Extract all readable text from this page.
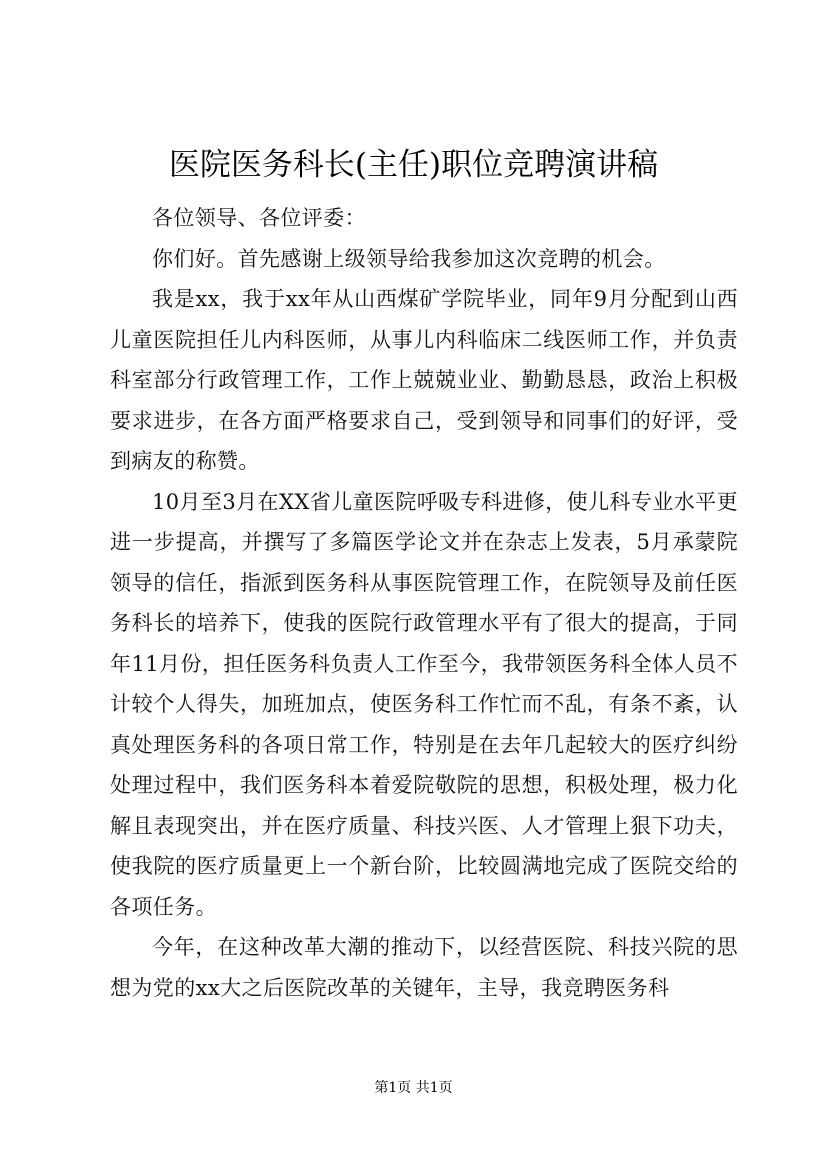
医院医务科长(主任)职位竞聘演讲稿

各位领导、各位评委：

你们好。首先感谢上级领导给我参加这次竞聘的机会。

我是xx，我于xx年从山西煤矿学院毕业，同年9月分配到山西儿童医院担任儿内科医师，从事儿内科临床二线医师工作，并负责科室部分行政管理工作，工作上兢兢业业、勤勤恳恳，政治上积极要求进步，在各方面严格要求自己，受到领导和同事们的好评，受到病友的称赞。

10月至3月在XX省儿童医院呼吸专科进修，使儿科专业水平更进一步提高，并撰写了多篇医学论文并在杂志上发表，5月承蒙院领导的信任，指派到医务科从事医院管理工作，在院领导及前任医务科长的培养下，使我的医院行政管理水平有了很大的提高，于同年11月份，担任医务科负责人工作至今，我带领医务科全体人员不计较个人得失，加班加点，使医务科工作忙而不乱，有条不紊，认真处理医务科的各项日常工作，特别是在去年几起较大的医疗纠纷处理过程中，我们医务科本着爱院敬院的思想，积极处理，极力化解且表现突出，并在医疗质量、科技兴医、人才管理上狠下功夫，使我院的医疗质量更上一个新台阶，比较圆满地完成了医院交给的各项任务。

今年，在这种改革大潮的推动下，以经营医院、科技兴院的思想为党的xx大之后医院改革的关键年，主导，我竞聘医务科

第1页 共1页
